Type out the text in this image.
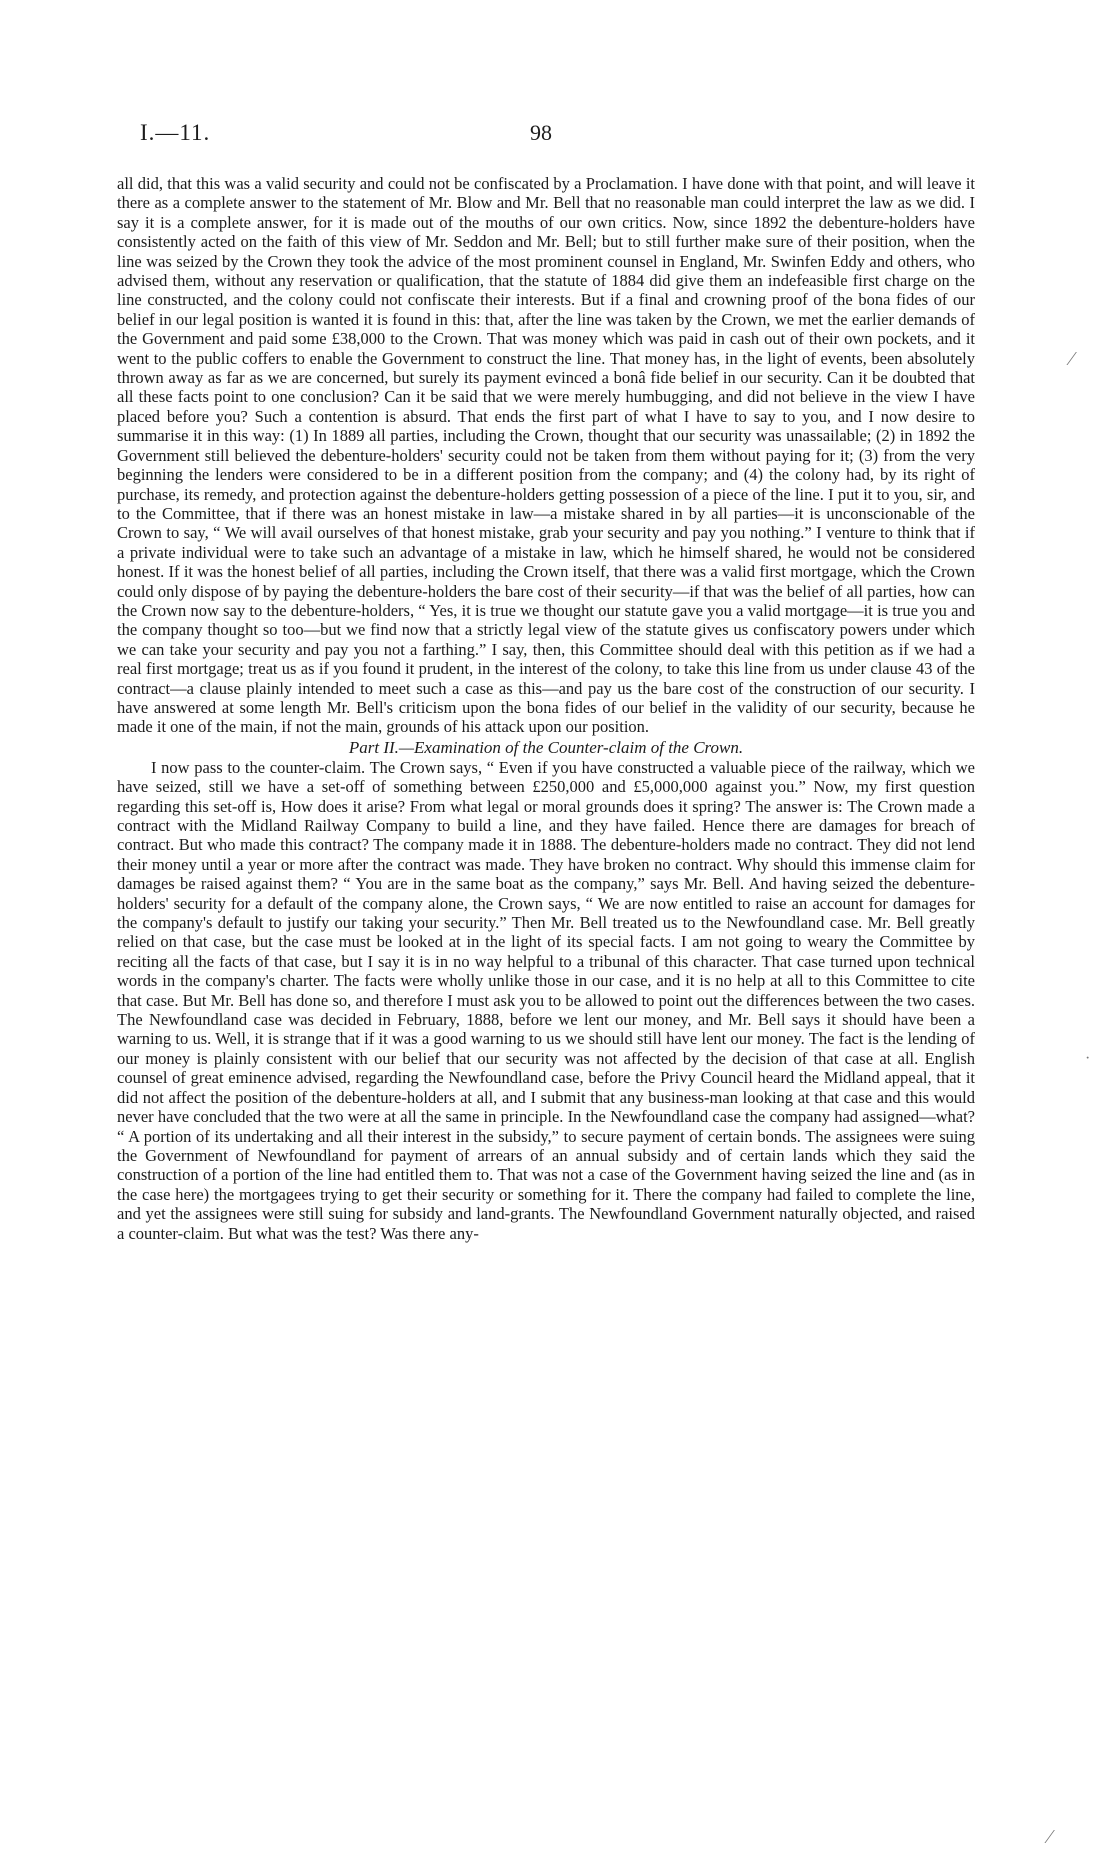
I.—11.	98

all did, that this was a valid security and could not be confiscated by a Proclamation. I have done with that point, and will leave it there as a complete answer to the statement of Mr. Blow and Mr. Bell that no reasonable man could interpret the law as we did. I say it is a complete answer, for it is made out of the mouths of our own critics. Now, since 1892 the debenture-holders have consistently acted on the faith of this view of Mr. Seddon and Mr. Bell; but to still further make sure of their position, when the line was seized by the Crown they took the advice of the most prominent counsel in England, Mr. Swinfen Eddy and others, who advised them, without any reservation or qualification, that the statute of 1884 did give them an indefeasible first charge on the line constructed, and the colony could not confiscate their interests. But if a final and crowning proof of the bona fides of our belief in our legal position is wanted it is found in this: that, after the line was taken by the Crown, we met the earlier demands of the Government and paid some £38,000 to the Crown. That was money which was paid in cash out of their own pockets, and it went to the public coffers to enable the Government to construct the line. That money has, in the light of events, been absolutely thrown away as far as we are concerned, but surely its payment evinced a bonâ fide belief in our security. Can it be doubted that all these facts point to one conclusion? Can it be said that we were merely humbugging, and did not believe in the view I have placed before you? Such a contention is absurd. That ends the first part of what I have to say to you, and I now desire to summarise it in this way: (1) In 1889 all parties, including the Crown, thought that our security was unassailable; (2) in 1892 the Government still believed the debenture-holders' security could not be taken from them without paying for it; (3) from the very beginning the lenders were considered to be in a different position from the company; and (4) the colony had, by its right of purchase, its remedy, and protection against the debenture-holders getting possession of a piece of the line. I put it to you, sir, and to the Committee, that if there was an honest mistake in law—a mistake shared in by all parties—it is unconscionable of the Crown to say, “ We will avail ourselves of that honest mistake, grab your security and pay you nothing.” I venture to think that if a private individual were to take such an advantage of a mistake in law, which he himself shared, he would not be considered honest. If it was the honest belief of all parties, including the Crown itself, that there was a valid first mortgage, which the Crown could only dispose of by paying the debenture-holders the bare cost of their security—if that was the belief of all parties, how can the Crown now say to the debenture-holders, “ Yes, it is true we thought our statute gave you a valid mortgage—it is true you and the company thought so too—but we find now that a strictly legal view of the statute gives us confiscatory powers under which we can take your security and pay you not a farthing.” I say, then, this Committee should deal with this petition as if we had a real first mortgage; treat us as if you found it prudent, in the interest of the colony, to take this line from us under clause 43 of the contract—a clause plainly intended to meet such a case as this—and pay us the bare cost of the construction of our security. I have answered at some length Mr. Bell's criticism upon the bona fides of our belief in the validity of our security, because he made it one of the main, if not the main, grounds of his attack upon our position.

Part II.—Examination of the Counter-claim of the Crown.

I now pass to the counter-claim. The Crown says, “ Even if you have constructed a valuable piece of the railway, which we have seized, still we have a set-off of something between £250,000 and £5,000,000 against you.” Now, my first question regarding this set-off is, How does it arise? From what legal or moral grounds does it spring? The answer is: The Crown made a contract with the Midland Railway Company to build a line, and they have failed. Hence there are damages for breach of contract. But who made this contract? The company made it in 1888. The debenture-holders made no contract. They did not lend their money until a year or more after the contract was made. They have broken no contract. Why should this immense claim for damages be raised against them? “ You are in the same boat as the company,” says Mr. Bell. And having seized the debenture-holders' security for a default of the company alone, the Crown says, “ We are now entitled to raise an account for damages for the company's default to justify our taking your security.” Then Mr. Bell treated us to the Newfoundland case. Mr. Bell greatly relied on that case, but the case must be looked at in the light of its special facts. I am not going to weary the Committee by reciting all the facts of that case, but I say it is in no way helpful to a tribunal of this character. That case turned upon technical words in the company's charter. The facts were wholly unlike those in our case, and it is no help at all to this Committee to cite that case. But Mr. Bell has done so, and therefore I must ask you to be allowed to point out the differences between the two cases. The Newfoundland case was decided in February, 1888, before we lent our money, and Mr. Bell says it should have been a warning to us. Well, it is strange that if it was a good warning to us we should still have lent our money. The fact is the lending of our money is plainly consistent with our belief that our security was not affected by the decision of that case at all. English counsel of great eminence advised, regarding the Newfoundland case, before the Privy Council heard the Midland appeal, that it did not affect the position of the debenture-holders at all, and I submit that any business-man looking at that case and this would never have concluded that the two were at all the same in principle. In the Newfoundland case the company had assigned—what? “ A portion of its undertaking and all their interest in the subsidy,” to secure payment of certain bonds. The assignees were suing the Government of Newfoundland for payment of arrears of an annual subsidy and of certain lands which they said the construction of a portion of the line had entitled them to. That was not a case of the Government having seized the line and (as in the case here) the mortgagees trying to get their security or something for it. There the company had failed to complete the line, and yet the assignees were still suing for subsidy and land-grants. The Newfoundland Government naturally objected, and raised a counter-claim. But what was the test? Was there any-

⁄
·
⁄
